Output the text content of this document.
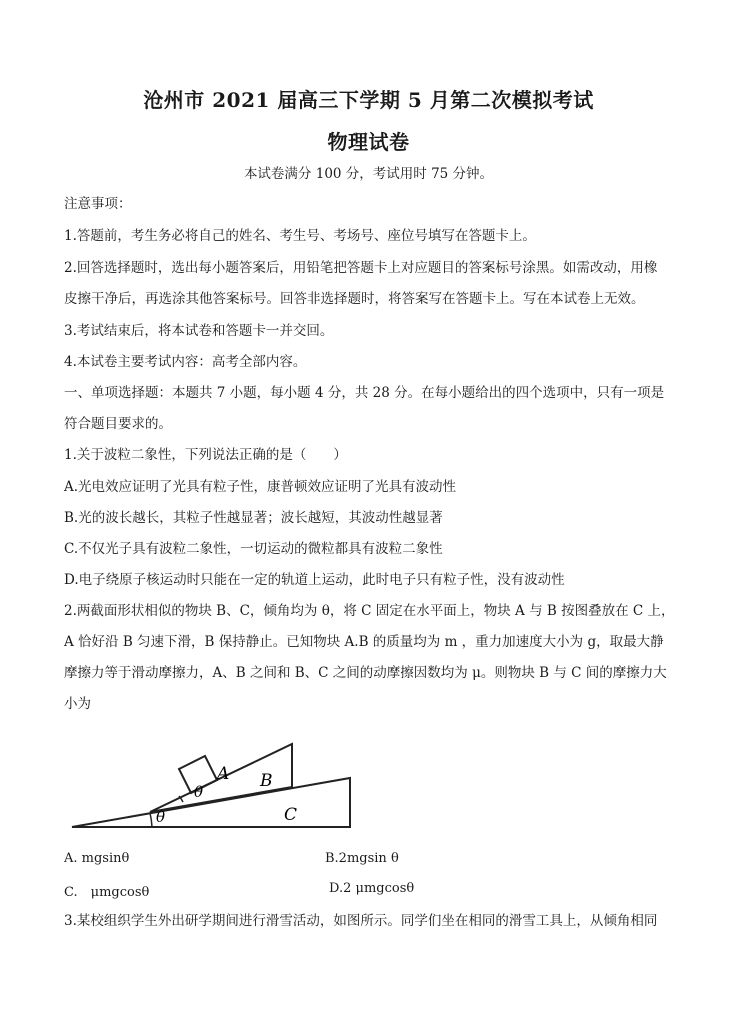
沧州市 2021 届高三下学期 5 月第二次模拟考试
物理试卷
本试卷满分 100 分，考试用时 75 分钟。
注意事项：
1.答题前，考生务必将自己的姓名、考生号、考场号、座位号填写在答题卡上。
2.回答选择题时，选出每小题答案后，用铅笔把答题卡上对应题目的答案标号涂黑。如需改动，用橡
皮擦干净后，再选涂其他答案标号。回答非选择题时，将答案写在答题卡上。写在本试卷上无效。
3.考试结束后，将本试卷和答题卡一并交回。
4.本试卷主要考试内容：高考全部内容。
一、单项选择题：本题共 7 小题，每小题 4 分，共 28 分。在每小题给出的四个选项中，只有一项是
符合题目要求的。
1.关于波粒二象性，下列说法正确的是（　　）
A.光电效应证明了光具有粒子性，康普顿效应证明了光具有波动性
B.光的波长越长，其粒子性越显著；波长越短，其波动性越显著
C.不仅光子具有波粒二象性，一切运动的微粒都具有波粒二象性
D.电子绕原子核运动时只能在一定的轨道上运动，此时电子只有粒子性，没有波动性
2.两截面形状相似的物块 B、C，倾角均为 θ，将 C 固定在水平面上，物块 A 与 B 按图叠放在 C 上，
A 恰好沿 B 匀速下滑，B 保持静止。已知物块 A.B 的质量均为 m ，重力加速度大小为 g，取最大静
摩擦力等于滑动摩擦力，A、B 之间和 B、C 之间的动摩擦因数均为 μ。则物块 B 与 C 间的摩擦力大
小为
A B
C
θ
θ
A. mgsinθ	B.2mgsin θ
C.　μmgcosθ	D.2 μmgcosθ
3.某校组织学生外出研学期间进行滑雪活动，如图所示。同学们坐在相同的滑雪工具上，从倾角相同
